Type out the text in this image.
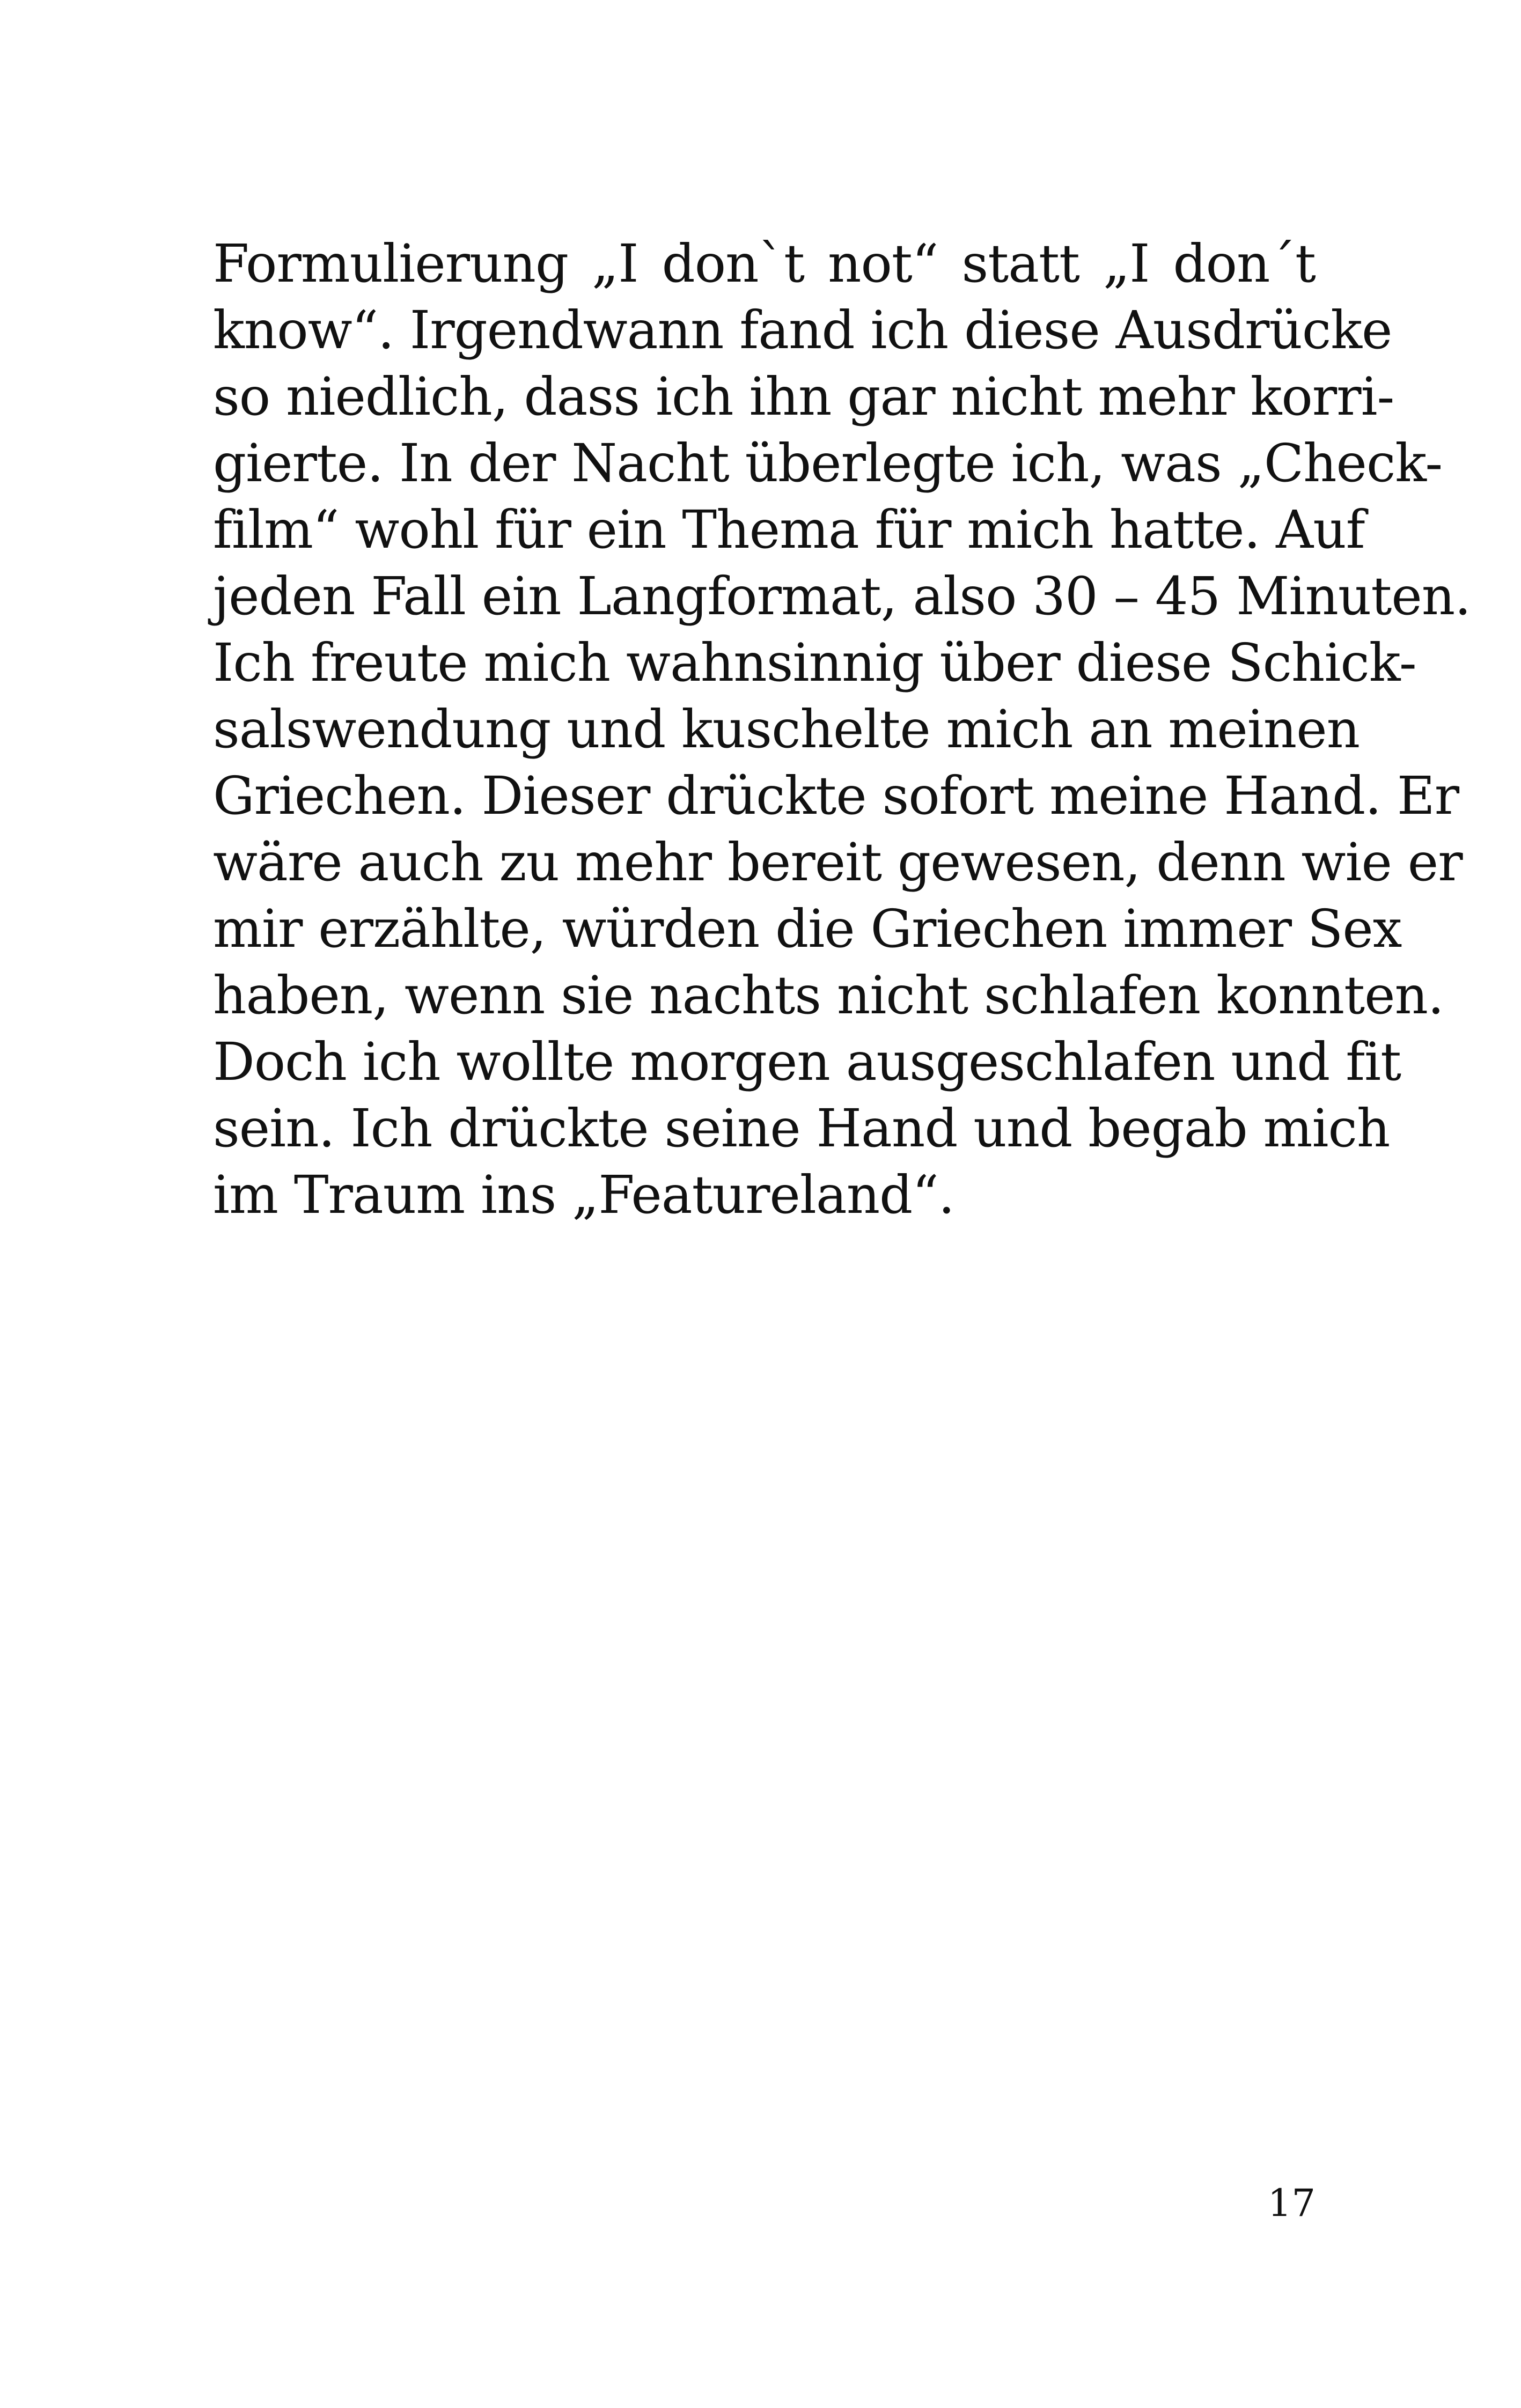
Formulierung „I don`t not“ statt „I don´t
know“. Irgendwann fand ich diese Ausdrücke
so niedlich, dass ich ihn gar nicht mehr korri-
gierte. In der Nacht überlegte ich, was „Check-
film“ wohl für ein Thema für mich hatte. Auf
jeden Fall ein Langformat, also 30 – 45 Minuten.
Ich freute mich wahnsinnig über diese Schick-
salswendung und kuschelte mich an meinen
Griechen. Dieser drückte sofort meine Hand. Er
wäre auch zu mehr bereit gewesen, denn wie er
mir erzählte, würden die Griechen immer Sex
haben, wenn sie nachts nicht schlafen konnten.
Doch ich wollte morgen ausgeschlafen und fit
sein. Ich drückte seine Hand und begab mich
im Traum ins „Featureland“.
17
